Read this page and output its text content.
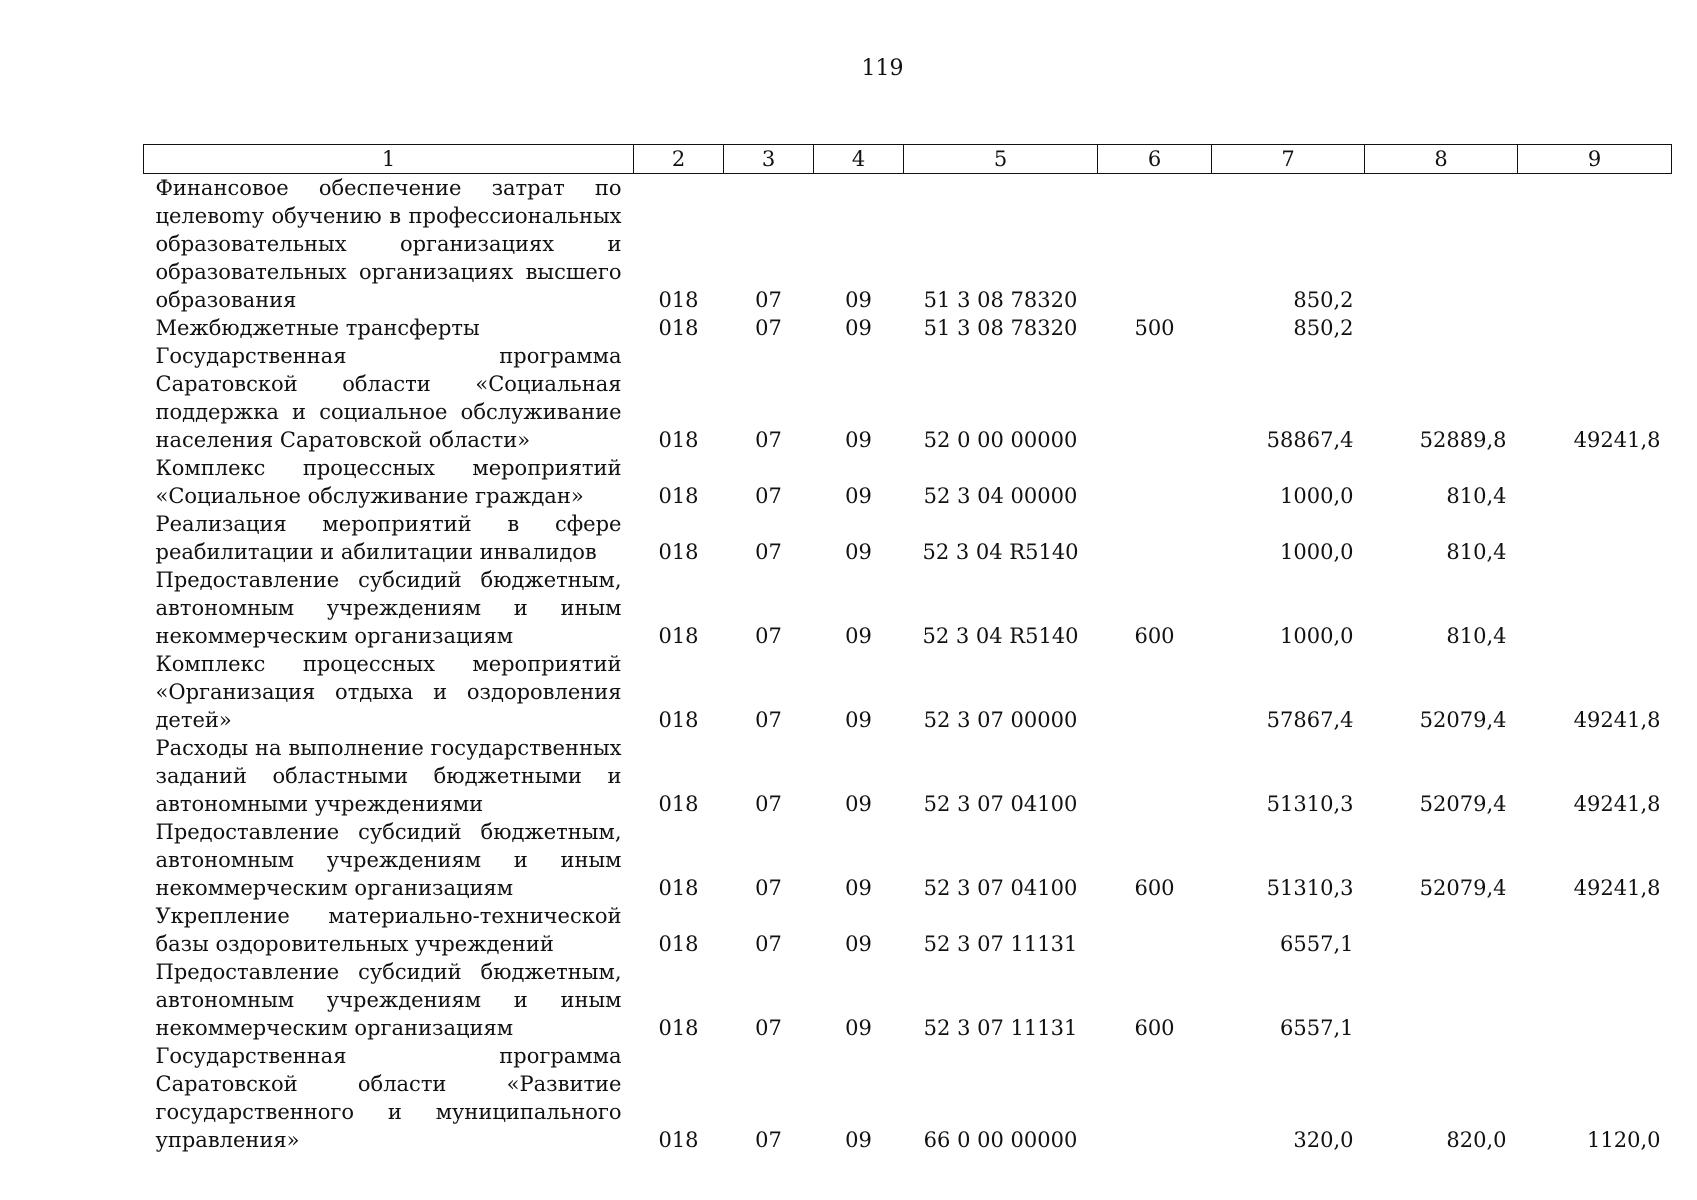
119
1	2	3	4	5	6	7	8	9
Финансовое обеспечение затрат по целевоmу обучению в профессиональных образовательных организациях и образовательных организациях высшего образования	018	07	09	51 3 08 78320		850,2		
Межбюджетные трансферты	018	07	09	51 3 08 78320	500	850,2		
Государственная программа Саратовской области «Социальная поддержка и социальное обслуживание населения Саратовской области»	018	07	09	52 0 00 00000		58867,4	52889,8	49241,8
Комплекс процессных мероприятий «Социальное обслуживание граждан»	018	07	09	52 3 04 00000		1000,0	810,4	
Реализация мероприятий в сфере реабилитации и абилитации инвалидов	018	07	09	52 3 04 R5140		1000,0	810,4	
Предоставление субсидий бюджетным, автономным учреждениям и иным некоммерческим организациям	018	07	09	52 3 04 R5140	600	1000,0	810,4	
Комплекс процессных мероприятий «Организация отдыха и оздоровления детей»	018	07	09	52 3 07 00000		57867,4	52079,4	49241,8
Расходы на выполнение государственных заданий областными бюджетными и автономными учреждениями	018	07	09	52 3 07 04100		51310,3	52079,4	49241,8
Предоставление субсидий бюджетным, автономным учреждениям и иным некоммерческим организациям	018	07	09	52 3 07 04100	600	51310,3	52079,4	49241,8
Укрепление материально-технической базы оздоровительных учреждений	018	07	09	52 3 07 11131		6557,1		
Предоставление субсидий бюджетным, автономным учреждениям и иным некоммерческим организациям	018	07	09	52 3 07 11131	600	6557,1		
Государственная программа Саратовской области «Развитие государственного и муниципального управления»	018	07	09	66 0 00 00000		320,0	820,0	1120,0
